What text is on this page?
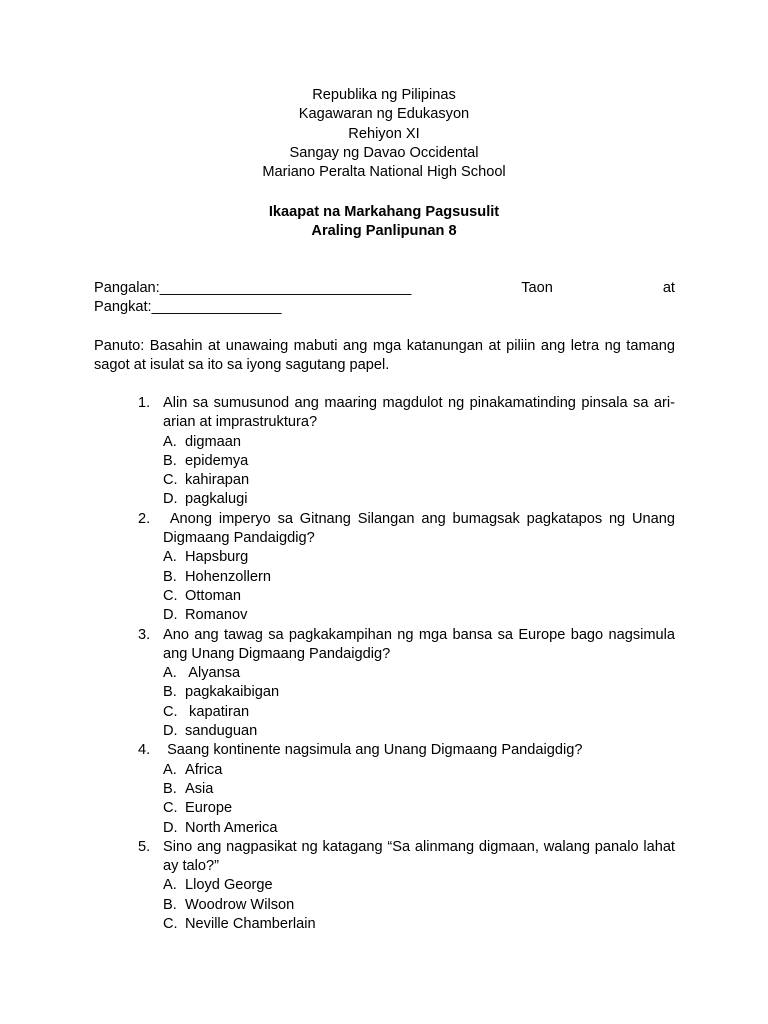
Republika ng Pilipinas
Kagawaran ng Edukasyon
Rehiyon XI
Sangay ng Davao Occidental
Mariano Peralta National High School
Ikaapat na Markahang Pagsusulit
Araling Panlipunan 8
Pangalan:_______________________________	Taon	at
Pangkat:________________
Panuto: Basahin at unawaing mabuti ang mga katanungan at piliin ang letra ng tamang sagot at isulat sa ito sa iyong sagutang papel.
1. Alin sa sumusunod ang maaring magdulot ng pinakamatinding pinsala sa ari-arian at imprastruktura?
A. digmaan
B. epidemya
C. kahirapan
D. pagkalugi
2. Anong imperyo sa Gitnang Silangan ang bumagsak pagkatapos ng Unang Digmaang Pandaigdig?
A. Hapsburg
B. Hohenzollern
C. Ottoman
D. Romanov
3. Ano ang tawag sa pagkakampihan ng mga bansa sa Europe bago nagsimula ang Unang Digmaang Pandaigdig?
A. Alyansa
B. pagkakaibigan
C. kapatiran
D. sanduguan
4. Saang kontinente nagsimula ang Unang Digmaang Pandaigdig?
A. Africa
B. Asia
C. Europe
D. North America
5. Sino ang nagpasikat ng katagang “Sa alinmang digmaan, walang panalo lahat ay talo?”
A. Lloyd George
B. Woodrow Wilson
C. Neville Chamberlain
